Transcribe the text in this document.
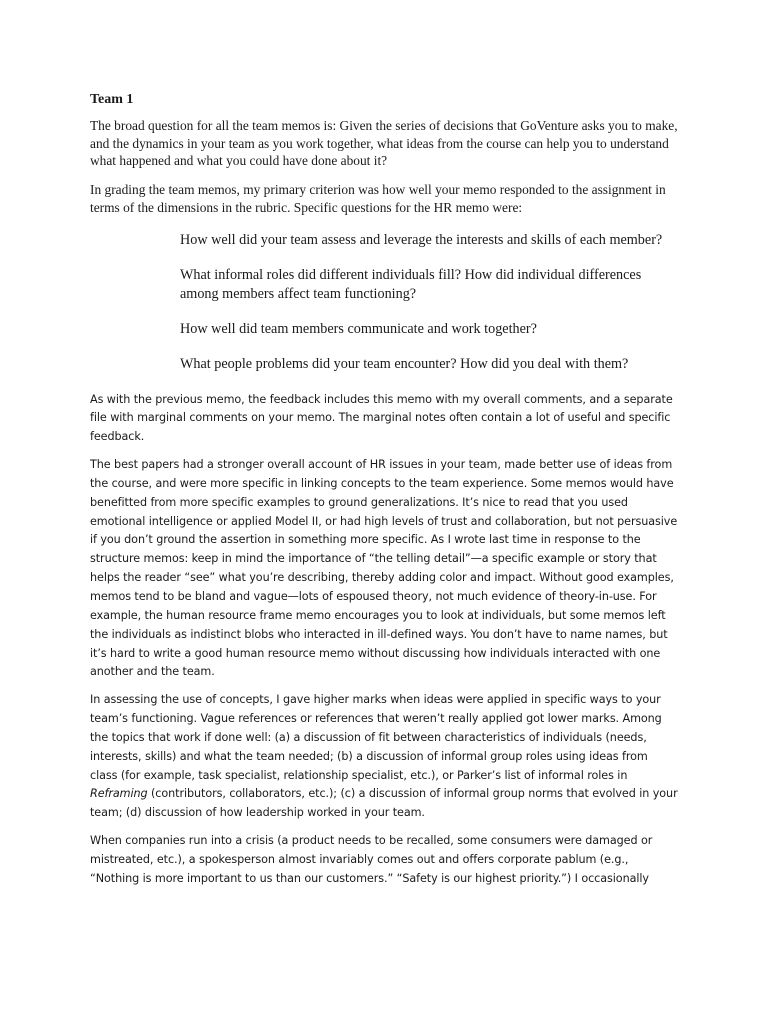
Team 1

The broad question for all the team memos is: Given the series of decisions that GoVenture asks you to make, and the dynamics in your team as you work together, what ideas from the course can help you to understand what happened and what you could have done about it?

In grading the team memos, my primary criterion was how well your memo responded to the assignment in terms of the dimensions in the rubric. Specific questions for the HR memo were:

How well did your team assess and leverage the interests and skills of each member?

What informal roles did different individuals fill? How did individual differences among members affect team functioning?

How well did team members communicate and work together?

What people problems did your team encounter? How did you deal with them?

As with the previous memo, the feedback includes this memo with my overall comments, and a separate file with marginal comments on your memo. The marginal notes often contain a lot of useful and specific feedback.

The best papers had a stronger overall account of HR issues in your team, made better use of ideas from the course, and were more specific in linking concepts to the team experience. Some memos would have benefitted from more specific examples to ground generalizations. It’s nice to read that you used emotional intelligence or applied Model II, or had high levels of trust and collaboration, but not persuasive if you don’t ground the assertion in something more specific. As I wrote last time in response to the structure memos: keep in mind the importance of “the telling detail”—a specific example or story that helps the reader “see” what you’re describing, thereby adding color and impact. Without good examples, memos tend to be bland and vague—lots of espoused theory, not much evidence of theory-in-use. For example, the human resource frame memo encourages you to look at individuals, but some memos left the individuals as indistinct blobs who interacted in ill-defined ways. You don’t have to name names, but it’s hard to write a good human resource memo without discussing how individuals interacted with one another and the team.

In assessing the use of concepts, I gave higher marks when ideas were applied in specific ways to your team’s functioning. Vague references or references that weren’t really applied got lower marks. Among the topics that work if done well: (a) a discussion of fit between characteristics of individuals (needs, interests, skills) and what the team needed; (b) a discussion of informal group roles using ideas from class (for example, task specialist, relationship specialist, etc.), or Parker’s list of informal roles in Reframing (contributors, collaborators, etc.); (c) a discussion of informal group norms that evolved in your team; (d) discussion of how leadership worked in your team.

When companies run into a crisis (a product needs to be recalled, some consumers were damaged or mistreated, etc.), a spokesperson almost invariably comes out and offers corporate pablum (e.g., “Nothing is more important to us than our customers.” “Safety is our highest priority.”) I occasionally
